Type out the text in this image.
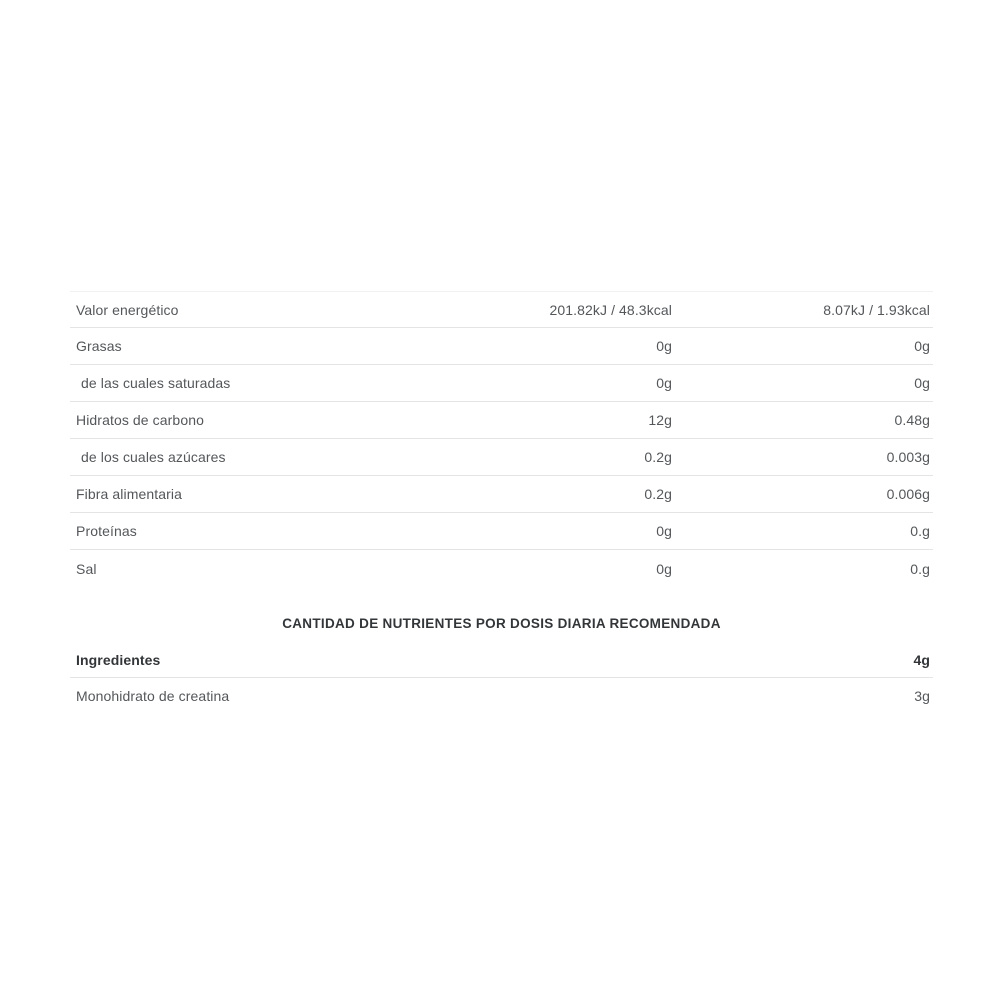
Valor energético	201.82kJ / 48.3kcal	8.07kJ / 1.93kcal
Grasas	0g	0g
de las cuales saturadas	0g	0g
Hidratos de carbono	12g	0.48g
de los cuales azúcares	0.2g	0.003g
Fibra alimentaria	0.2g	0.006g
Proteínas	0g	0.g
Sal	0g	0.g
CANTIDAD DE NUTRIENTES POR DOSIS DIARIA RECOMENDADA
Ingredientes	4g
Monohidrato de creatina	3g
